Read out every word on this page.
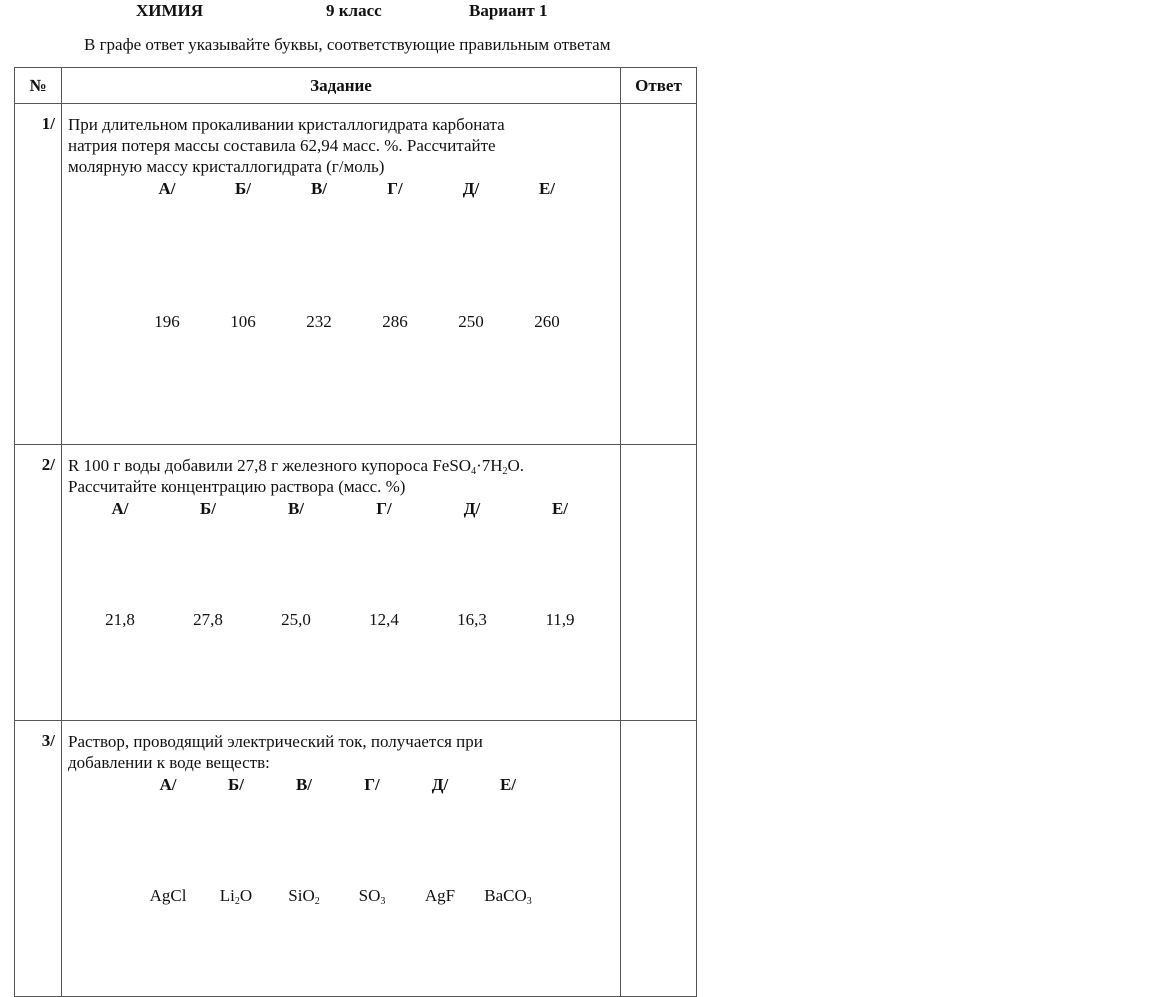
ХИМИЯ	9 класс	Вариант 1
В графе ответ указывайте буквы, соответствующие правильным ответам
№	Задание	Ответ
1/	При длительном прокаливании кристаллогидрата карбоната
натрия потеря массы составила 62,94 масс. %. Рассчитайте
молярную массу кристаллогидрата (г/моль)
А/	Б/	В/	Г/	Д/	Е/
196	106	232	286	250	260

2/	R 100 г воды добавили 27,8 г железного купороса $FeSO_4\cdot 7H_2O$.
Рассчитайте концентрацию раствора (масс. %)
А/	Б/	В/	Г/	Д/	Е/
21,8	27,8	25,0	12,4	16,3	11,9

3/	Раствор, проводящий электрический ток, получается при
добавлении к воде веществ:
А/	Б/	В/	Г/	Д/	Е/
AgCl	$Li_2O$	SiO$_2$	$SO_3$	AgF	BaCO$_3$
